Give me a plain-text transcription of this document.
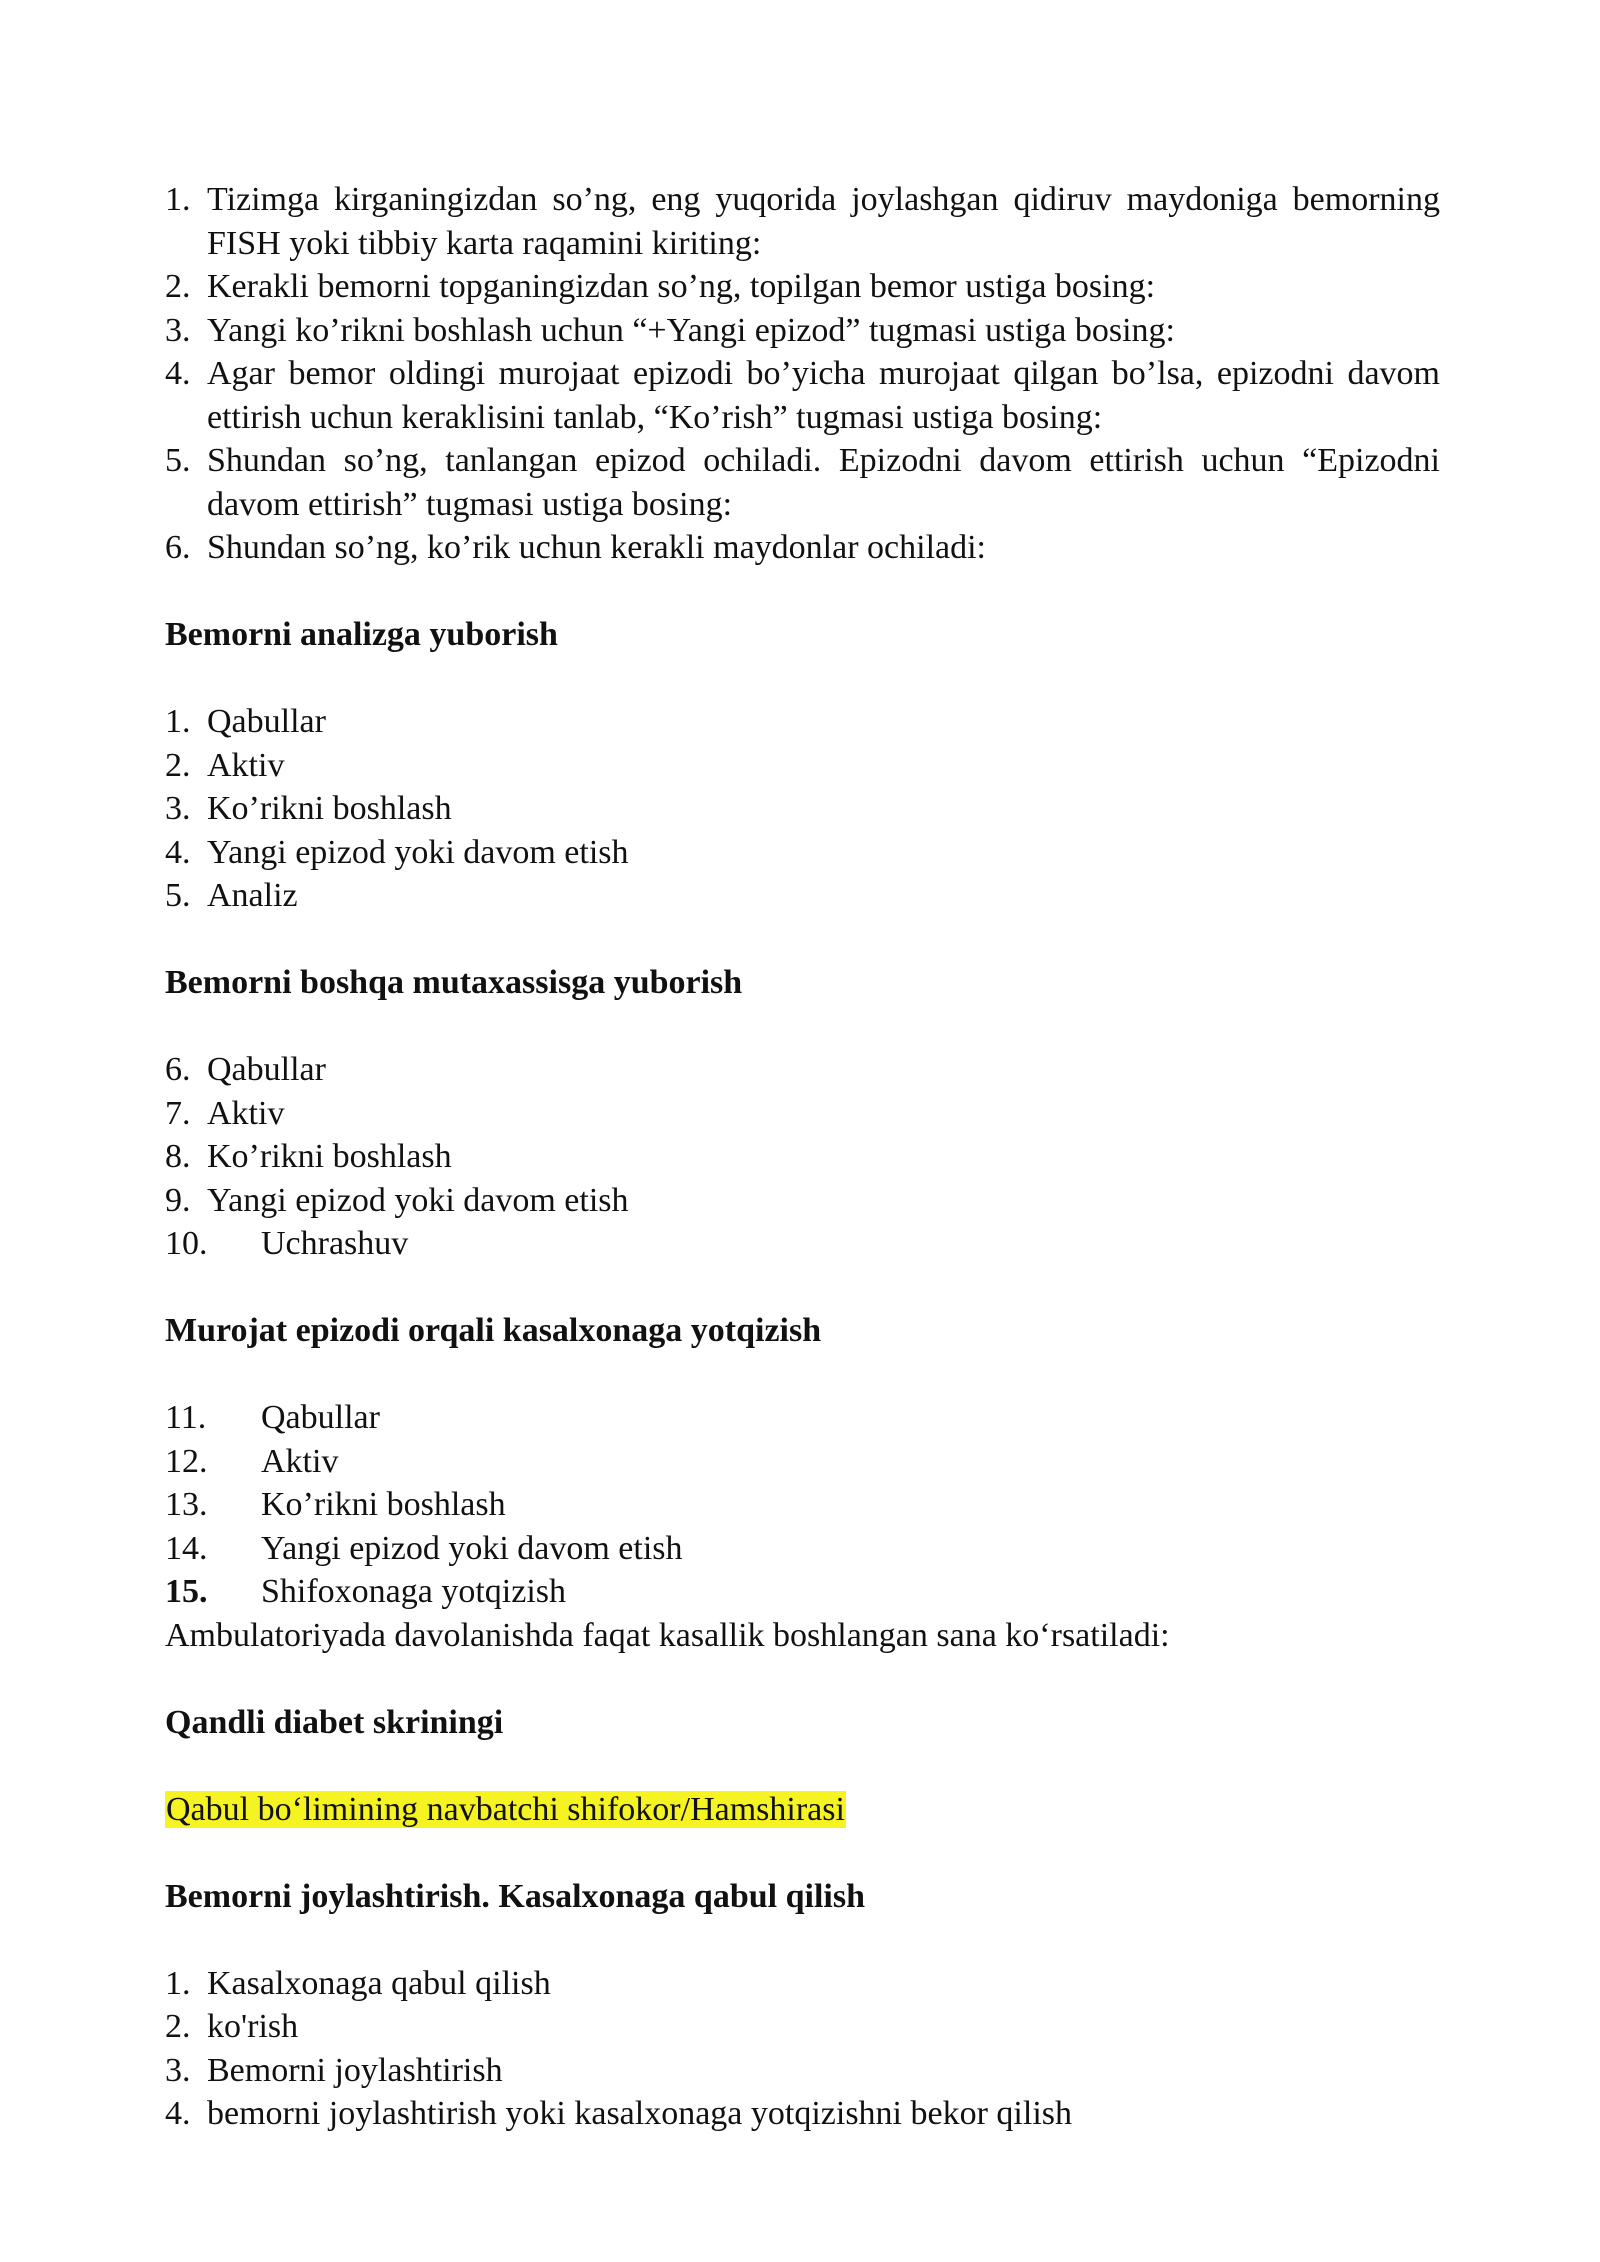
1. Tizimga kirganingizdan so’ng, eng yuqorida joylashgan qidiruv maydoniga bemorning FISH yoki tibbiy karta raqamini kiriting:
2. Kerakli bemorni topganingizdan so’ng, topilgan bemor ustiga bosing:
3. Yangi ko’rikni boshlash uchun “+Yangi epizod” tugmasi ustiga bosing:
4. Agar bemor oldingi murojaat epizodi bo’yicha murojaat qilgan bo’lsa, epizodni davom ettirish uchun keraklisini tanlab, “Ko’rish” tugmasi ustiga bosing:
5. Shundan so’ng, tanlangan epizod ochiladi. Epizodni davom ettirish uchun “Epizodni davom ettirish” tugmasi ustiga bosing:
6. Shundan so’ng, ko’rik uchun kerakli maydonlar ochiladi:
Bemorni analizga yuborish
1. Qabullar
2. Aktiv
3. Ko’rikni boshlash
4. Yangi epizod yoki davom etish
5. Analiz
Bemorni boshqa mutaxassisga yuborish
6. Qabullar
7. Aktiv
8. Ko’rikni boshlash
9. Yangi epizod yoki davom etish
10.	Uchrashuv
Murojat epizodi orqali kasalxonaga yotqizish
11.	Qabullar
12.	Aktiv
13.	Ko’rikni boshlash
14.	Yangi epizod yoki davom etish
15.	Shifoxonaga yotqizish

Ambulatoriyada davolanishda faqat kasallik boshlangan sana ko‘rsatiladi:

Qandli diabet skriningi

Qabul bo‘limining navbatchi shifokor/Hamshirasi

Bemorni joylashtirish. Kasalxonaga qabul qilish
1. Kasalxonaga qabul qilish
2. ko'rish
3. Bemorni joylashtirish
4. bemorni joylashtirish yoki kasalxonaga yotqizishni bekor qilish
